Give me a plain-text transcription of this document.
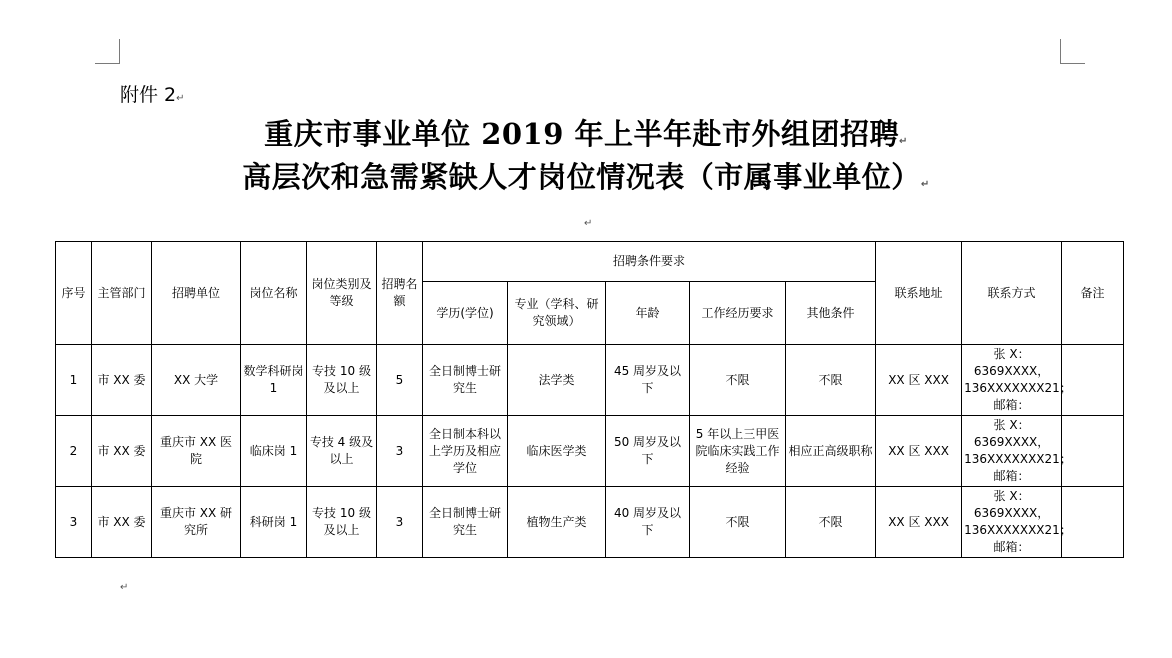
附件 2↵
重庆市事业单位 2019 年上半年赴市外组团招聘↵
高层次和急需紧缺人才岗位情况表（市属事业单位）↵
↵
序号	主管部门	招聘单位	岗位名称	岗位类别及等级	招聘名额	招聘条件要求					联系地址	联系方式	备注
						学历(学位)	专业（学科、研究领域）	年龄	工作经历要求	其他条件			
1	市 XX 委	XX 大学	数学科研岗 1	专技 10 级及以上	5	全日制博士研究生	法学类	45 周岁及以下	不限	不限	XX 区 XXX	张 X：6369XXXX，136XXXXXXX21；邮箱：	
2	市 XX 委	重庆市 XX 医院	临床岗 1	专技 4 级及以上	3	全日制本科以上学历及相应学位	临床医学类	50 周岁及以下	5 年以上三甲医院临床实践工作经验	相应正高级职称	XX 区 XXX	张 X：6369XXXX，136XXXXXXX21；邮箱：	
3	市 XX 委	重庆市 XX 研究所	科研岗 1	专技 10 级及以上	3	全日制博士研究生	植物生产类	40 周岁及以下	不限	不限	XX 区 XXX	张 X：6369XXXX，136XXXXXXX21；邮箱：	
↵
